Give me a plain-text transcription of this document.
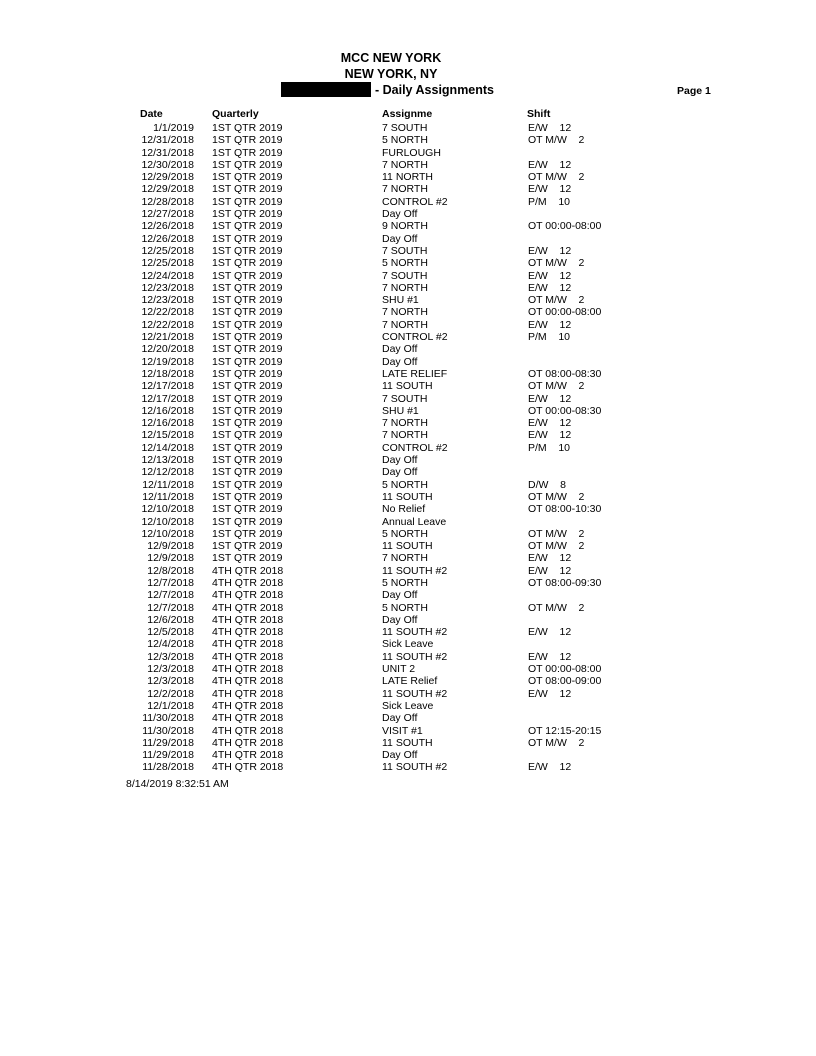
MCC NEW YORK
NEW YORK, NY
- Daily Assignments	Page 1
Date	Quarterly	Assignme	Shift
1/1/2019 1ST QTR 2019	7 SOUTH	E/W    12
12/31/2018 1ST QTR 2019	5 NORTH	OT M/W    2
12/31/2018 1ST QTR 2019	FURLOUGH
12/30/2018 1ST QTR 2019	7 NORTH	E/W    12
12/29/2018 1ST QTR 2019	11 NORTH	OT M/W    2
12/29/2018 1ST QTR 2019	7 NORTH	E/W    12
12/28/2018 1ST QTR 2019	CONTROL #2	P/M    10
12/27/2018 1ST QTR 2019	Day Off
12/26/2018 1ST QTR 2019	9 NORTH	OT 00:00-08:00
12/26/2018 1ST QTR 2019	Day Off
12/25/2018 1ST QTR 2019	7 SOUTH	E/W    12
12/25/2018 1ST QTR 2019	5 NORTH	OT M/W    2
12/24/2018 1ST QTR 2019	7 SOUTH	E/W    12
12/23/2018 1ST QTR 2019	7 NORTH	E/W    12
12/23/2018 1ST QTR 2019	SHU #1	OT M/W    2
12/22/2018 1ST QTR 2019	7 NORTH	OT 00:00-08:00
12/22/2018 1ST QTR 2019	7 NORTH	E/W    12
12/21/2018 1ST QTR 2019	CONTROL #2	P/M    10
12/20/2018 1ST QTR 2019	Day Off
12/19/2018 1ST QTR 2019	Day Off
12/18/2018 1ST QTR 2019	LATE RELIEF	OT 08:00-08:30
12/17/2018 1ST QTR 2019	11 SOUTH	OT M/W    2
12/17/2018 1ST QTR 2019	7 SOUTH	E/W    12
12/16/2018 1ST QTR 2019	SHU #1	OT 00:00-08:30
12/16/2018 1ST QTR 2019	7 NORTH	E/W    12
12/15/2018 1ST QTR 2019	7 NORTH	E/W    12
12/14/2018 1ST QTR 2019	CONTROL #2	P/M    10
12/13/2018 1ST QTR 2019	Day Off
12/12/2018 1ST QTR 2019	Day Off
12/11/2018 1ST QTR 2019	5 NORTH	D/W    8
12/11/2018 1ST QTR 2019	11 SOUTH	OT M/W    2
12/10/2018 1ST QTR 2019	No Relief	OT 08:00-10:30
12/10/2018 1ST QTR 2019	Annual Leave
12/10/2018 1ST QTR 2019	5 NORTH	OT M/W    2
12/9/2018 1ST QTR 2019	11 SOUTH	OT M/W    2
12/9/2018 1ST QTR 2019	7 NORTH	E/W    12
12/8/2018 4TH QTR 2018	11 SOUTH #2	E/W    12
12/7/2018 4TH QTR 2018	5 NORTH	OT 08:00-09:30
12/7/2018 4TH QTR 2018	Day Off
12/7/2018 4TH QTR 2018	5 NORTH	OT M/W    2
12/6/2018 4TH QTR 2018	Day Off
12/5/2018 4TH QTR 2018	11 SOUTH #2	E/W    12
12/4/2018 4TH QTR 2018	Sick Leave
12/3/2018 4TH QTR 2018	11 SOUTH #2	E/W    12
12/3/2018 4TH QTR 2018	UNIT 2	OT 00:00-08:00
12/3/2018 4TH QTR 2018	LATE Relief	OT 08:00-09:00
12/2/2018 4TH QTR 2018	11 SOUTH #2	E/W    12
12/1/2018 4TH QTR 2018	Sick Leave
11/30/2018 4TH QTR 2018	Day Off
11/30/2018 4TH QTR 2018	VISIT #1	OT 12:15-20:15
11/29/2018 4TH QTR 2018	11 SOUTH	OT M/W    2
11/29/2018 4TH QTR 2018	Day Off
11/28/2018 4TH QTR 2018	11 SOUTH #2	E/W    12
8/14/2019 8:32:51 AM
